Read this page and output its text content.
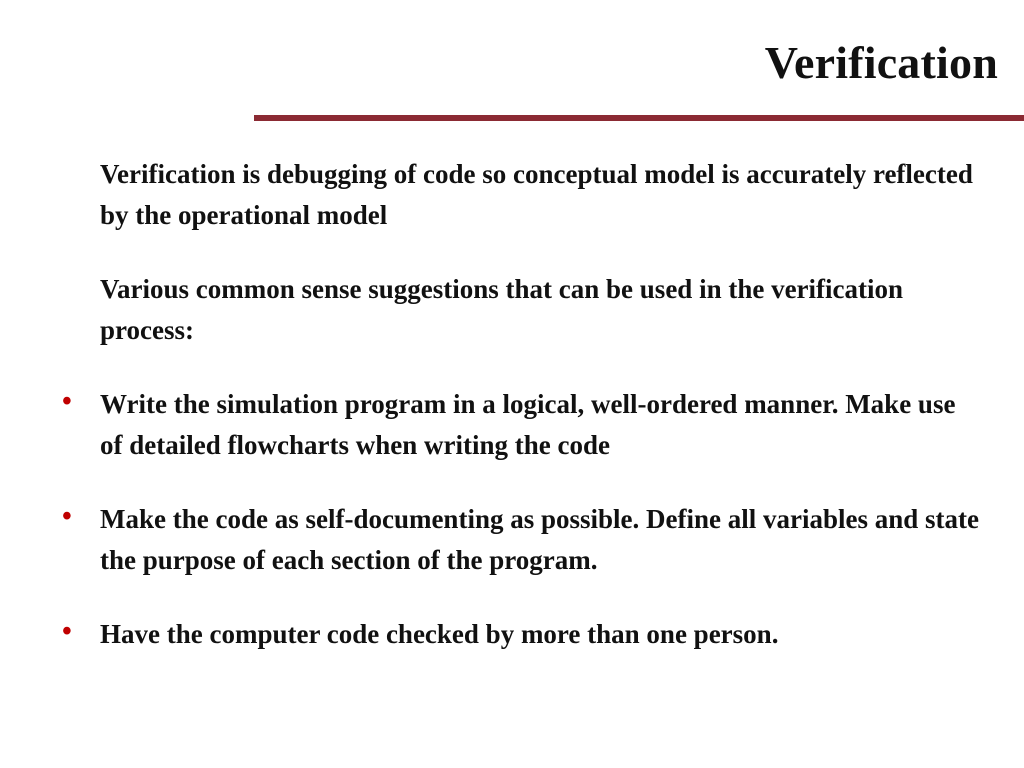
Verification
Verification is debugging of code so conceptual model is accurately reflected by the operational model
Various common sense suggestions that can be used in the verification process:
• Write the simulation program in a logical, well-ordered manner. Make use of detailed flowcharts when writing the code
• Make the code as self-documenting as possible. Define all variables and state the purpose of each section of the program.
• Have the computer code checked by more than one person.
